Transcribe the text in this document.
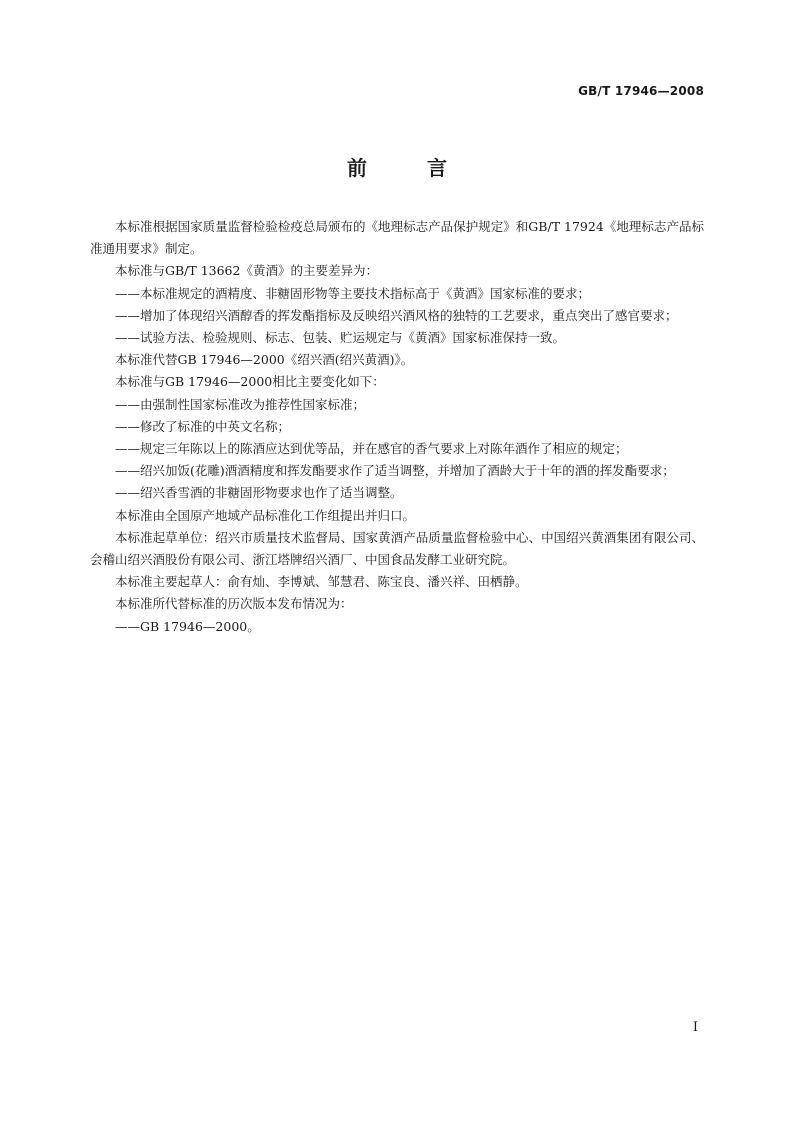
GB/T 17946—2008
前　言

本标准根据国家质量监督检验检疫总局颁布的《地理标志产品保护规定》和GB/T 17924《地理标志产品标准通用要求》制定。

本标准与GB/T 13662《黄酒》的主要差异为：

——本标准规定的酒精度、非糖固形物等主要技术指标高于《黄酒》国家标准的要求；

——增加了体现绍兴酒醇香的挥发酯指标及反映绍兴酒风格的独特的工艺要求，重点突出了感官要求；

——试验方法、检验规则、标志、包装、贮运规定与《黄酒》国家标准保持一致。

本标准代替GB 17946—2000《绍兴酒(绍兴黄酒)》。

本标准与GB 17946—2000相比主要变化如下：

——由强制性国家标准改为推荐性国家标准；

——修改了标准的中英文名称；

——规定三年陈以上的陈酒应达到优等品，并在感官的香气要求上对陈年酒作了相应的规定；

——绍兴加饭(花雕)酒酒精度和挥发酯要求作了适当调整，并增加了酒龄大于十年的酒的挥发酯要求；

——绍兴香雪酒的非糖固形物要求也作了适当调整。

本标准由全国原产地域产品标准化工作组提出并归口。

本标准起草单位：绍兴市质量技术监督局、国家黄酒产品质量监督检验中心、中国绍兴黄酒集团有限公司、会稽山绍兴酒股份有限公司、浙江塔牌绍兴酒厂、中国食品发酵工业研究院。

本标准主要起草人：俞有灿、李博斌、邹慧君、陈宝良、潘兴祥、田栖静。

本标准所代替标准的历次版本发布情况为：

——GB 17946—2000。

I
